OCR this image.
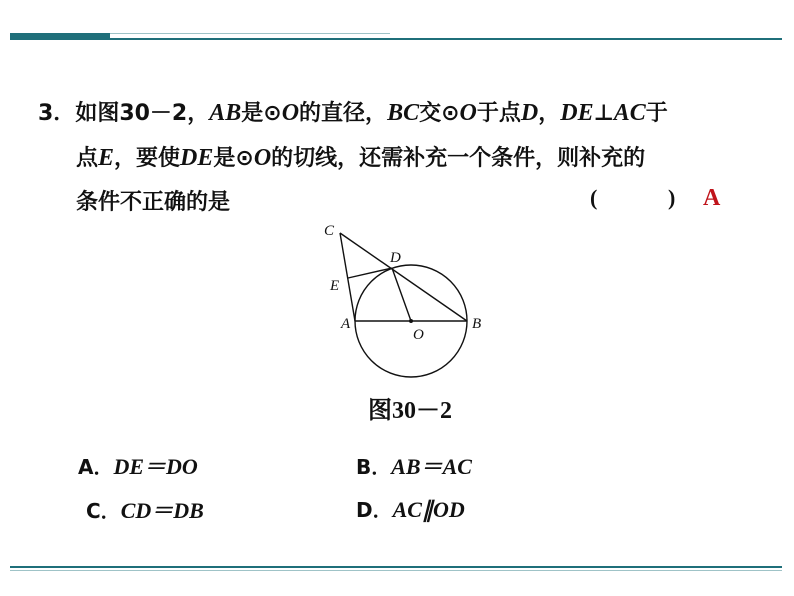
3．如图30－2，AB是⊙O的直径，BC交⊙O于点D，DE⊥AC于
点E，要使DE是⊙O的切线，还需补充一个条件，则补充的
条件不正确的是	(	) A
C
D
E
A
O
B
图30－2
A．DE＝DO	B．AB＝AC
C．CD＝DB	D．AC∥OD
